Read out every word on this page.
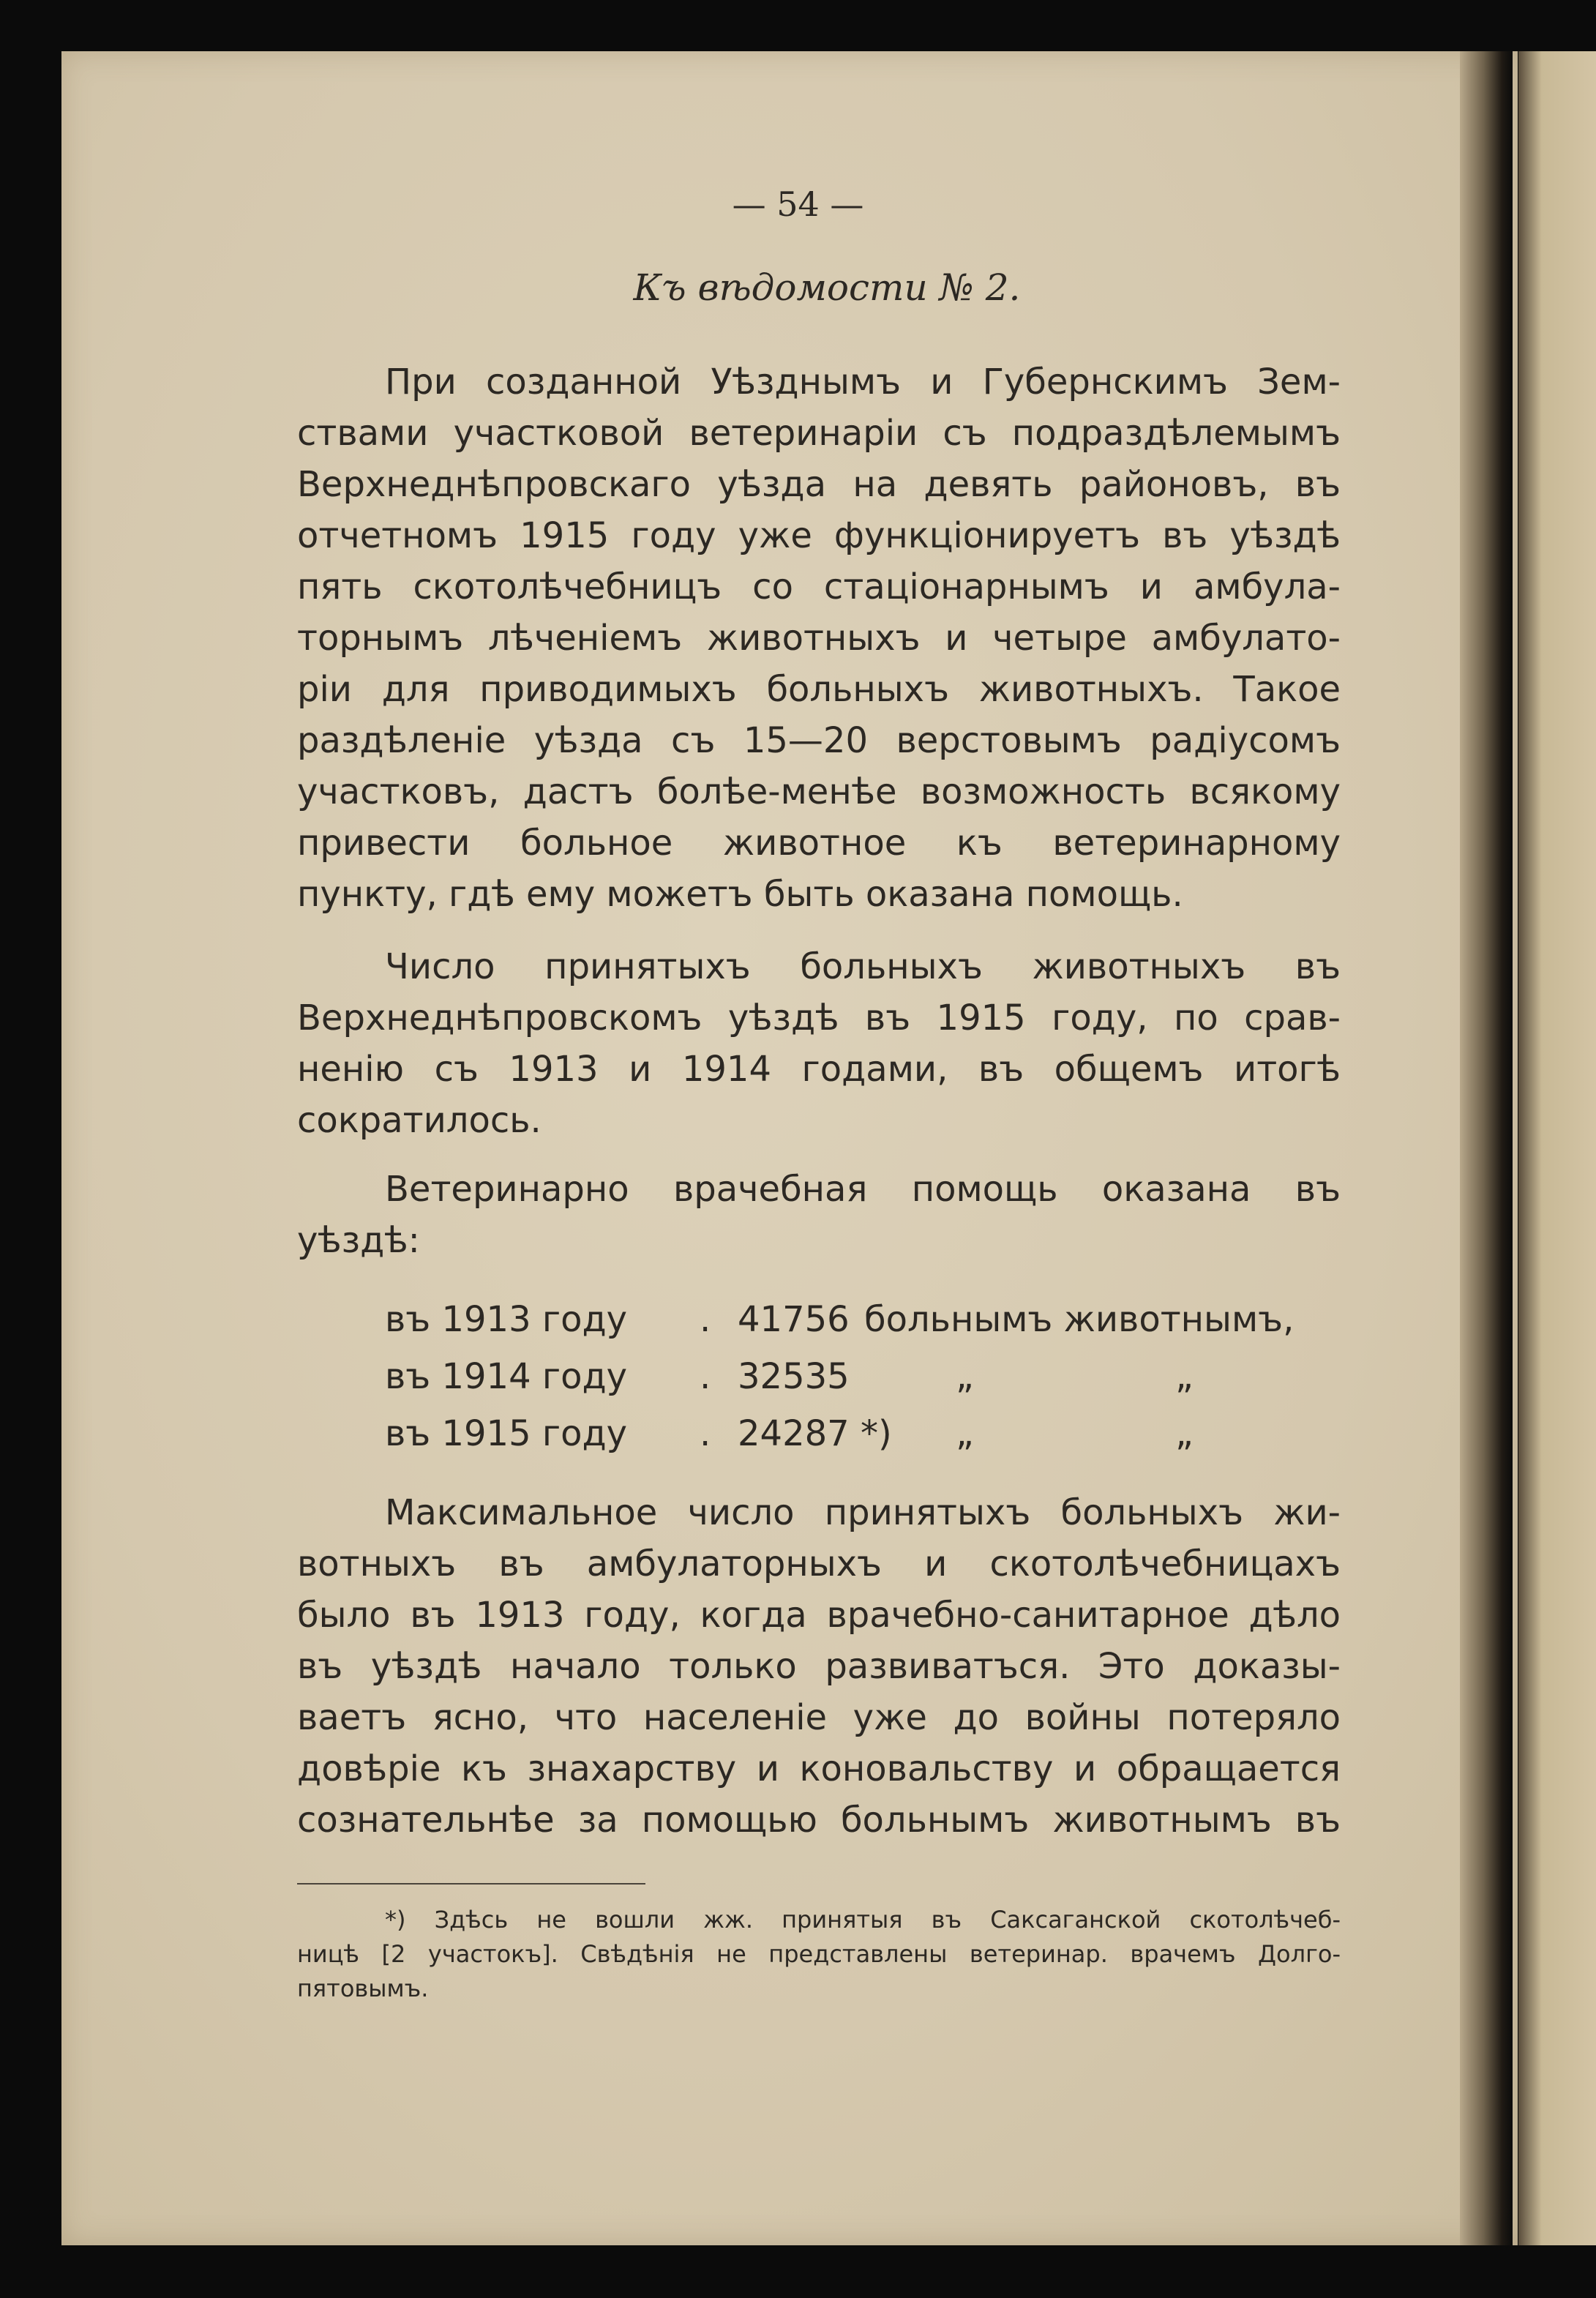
— 54 —
Къ вѣдомости № 2.
При созданной Уѣзднымъ и Губернскимъ Зем-
ствами участковой ветеринаріи съ подраздѣлемымъ
Верхнеднѣпровскаго уѣзда на девять районовъ, въ
отчетномъ 1915 году уже функціонируетъ въ уѣздѣ
пять скотолѣчебницъ со стаціонарнымъ и амбула-
торнымъ лѣченіемъ животныхъ и четыре амбулато-
ріи для приводимыхъ больныхъ животныхъ. Такое
раздѣленіе уѣзда съ 15—20 верстовымъ радіусомъ
участковъ, дастъ болѣе-менѣе возможность всякому
привести больное животное къ ветеринарному
пункту, гдѣ ему можетъ быть оказана помощь.
Число принятыхъ больныхъ животныхъ въ
Верхнеднѣпровскомъ уѣздѣ въ 1915 году, по срав-
ненію съ 1913 и 1914 годами, въ общемъ итогѣ
сократилось.
Ветеринарно врачебная помощь оказана въ
уѣздѣ:
въ 1913 году . 41756 больнымъ животнымъ,
въ 1914 году . 32535	„	„
въ 1915 году . 24287 *) „	„
Максимальное число принятыхъ больныхъ жи-
вотныхъ въ амбулаторныхъ и скотолѣчебницахъ
было въ 1913 году, когда врачебно-санитарное дѣло
въ уѣздѣ начало только развиватъся. Это доказы-
ваетъ ясно, что населеніе уже до войны потеряло
довѣріе къ знахарству и коновальству и обращается
сознательнѣе за помощью больнымъ животнымъ въ
*) Здѣсь не вошли жж. принятыя въ Саксаганской скотолѣчеб-
ницѣ [2 участокъ]. Свѣдѣнія не представлены ветеринар. врачемъ Долго-
пятовымъ.
